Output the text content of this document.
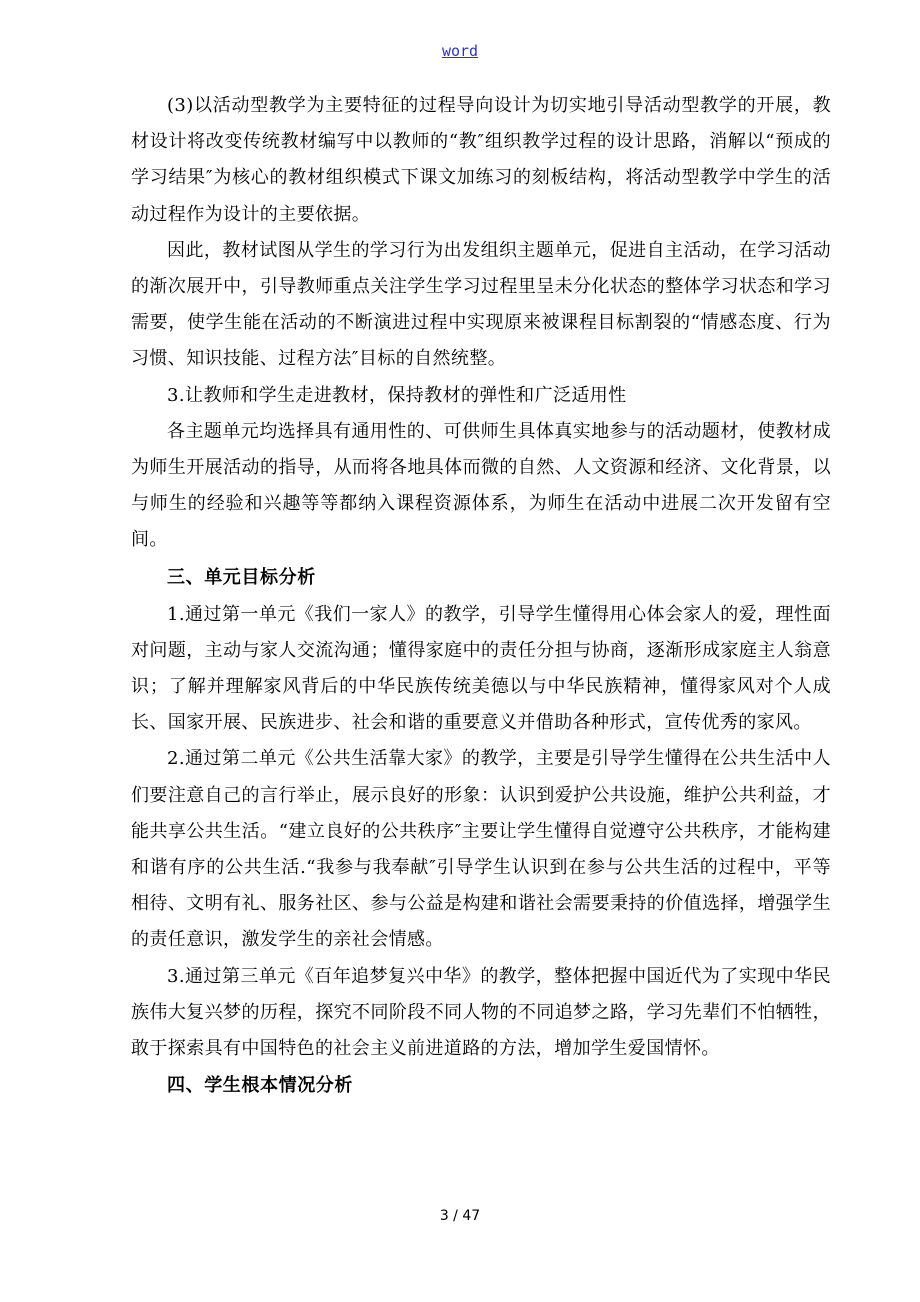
word

(3)以活动型教学为主要特征的过程导向设计为切实地引导活动型教学的开展，教材设计将改变传统教材编写中以教师的“教″组织教学过程的设计思路，消解以“预成的学习结果″为核心的教材组织模式下课文加练习的刻板结构，将活动型教学中学生的活动过程作为设计的主要依据。

因此，教材试图从学生的学习行为出发组织主题单元，促进自主活动，在学习活动的渐次展开中，引导教师重点关注学生学习过程里呈未分化状态的整体学习状态和学习需要，使学生能在活动的不断演进过程中实现原来被课程目标割裂的“情感态度、行为习惯、知识技能、过程方法″目标的自然统整。

3.让教师和学生走进教材，保持教材的弹性和广泛适用性

各主题单元均选择具有通用性的、可供师生具体真实地参与的活动题材，使教材成为师生开展活动的指导，从而将各地具体而微的自然、人文资源和经济、文化背景，以与师生的经验和兴趣等等都纳入课程资源体系，为师生在活动中进展二次开发留有空间。

三、单元目标分析

1.通过第一单元《我们一家人》的教学，引导学生懂得用心体会家人的爱，理性面对问题，主动与家人交流沟通；懂得家庭中的责任分担与协商，逐渐形成家庭主人翁意识；了解并理解家风背后的中华民族传统美德以与中华民族精神，懂得家风对个人成长、国家开展、民族进步、社会和谐的重要意义并借助各种形式，宣传优秀的家风。

2.通过第二单元《公共生活靠大家》的教学，主要是引导学生懂得在公共生活中人们要注意自己的言行举止，展示良好的形象：认识到爱护公共设施，维护公共利益，才能共享公共生活。“建立良好的公共秩序″主要让学生懂得自觉遵守公共秩序，才能构建和谐有序的公共生活.“我参与我奉献″引导学生认识到在参与公共生活的过程中，平等相待、文明有礼、服务社区、参与公益是构建和谐社会需要秉持的价值选择，增强学生的责任意识，激发学生的亲社会情感。

3.通过第三单元《百年追梦复兴中华》的教学，整体把握中国近代为了实现中华民族伟大复兴梦的历程，探究不同阶段不同人物的不同追梦之路，学习先辈们不怕牺牲，敢于探索具有中国特色的社会主义前进道路的方法，增加学生爱国情怀。

四、学生根本情况分析

3 / 47
